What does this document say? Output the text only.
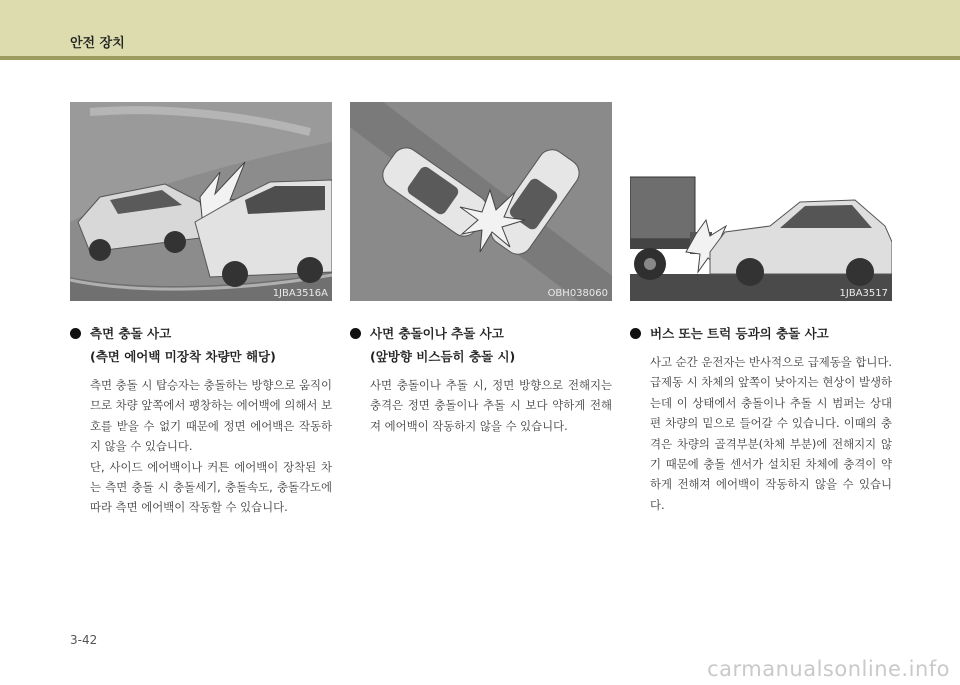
안전 장치
1JBA3516A	OBH038060	1JBA3517
측면 충돌 사고
(측면 에어백 미장착 차량만 해당)

측면 충돌 시 탑승자는 충돌하는 방향으로 움직이므로 차량 앞쪽에서 팽창하는 에어백에 의해서 보호를 받을 수 없기 때문에 정면 에어백은 작동하지 않을 수 있습니다.

단, 사이드 에어백이나 커튼 에어백이 장착된 차는 측면 충돌 시 충돌세기, 충돌속도, 충돌각도에 따라 측면 에어백이 작동할 수 있습니다.

사면 충돌이나 추돌 사고
(앞방향 비스듬히 충돌 시)

사면 충돌이나 추돌 시, 정면 방향으로 전해지는 충격은 정면 충돌이나 추돌 시 보다 약하게 전해져 에어백이 작동하지 않을 수 있습니다.

버스 또는 트럭 등과의 충돌 사고

사고 순간 운전자는 반사적으로 급제동을 합니다. 급제동 시 차체의 앞쪽이 낮아지는 현상이 발생하는데 이 상태에서 충돌이나 추돌 시 범퍼는 상대편 차량의 밑으로 들어갈 수 있습니다. 이때의 충격은 차량의 골격부분(차체 부분)에 전해지지 않기 때문에 충돌 센서가 설치된 차체에 충격이 약하게 전해져 에어백이 작동하지 않을 수 있습니다.

3-42
carmanualsonline.info
